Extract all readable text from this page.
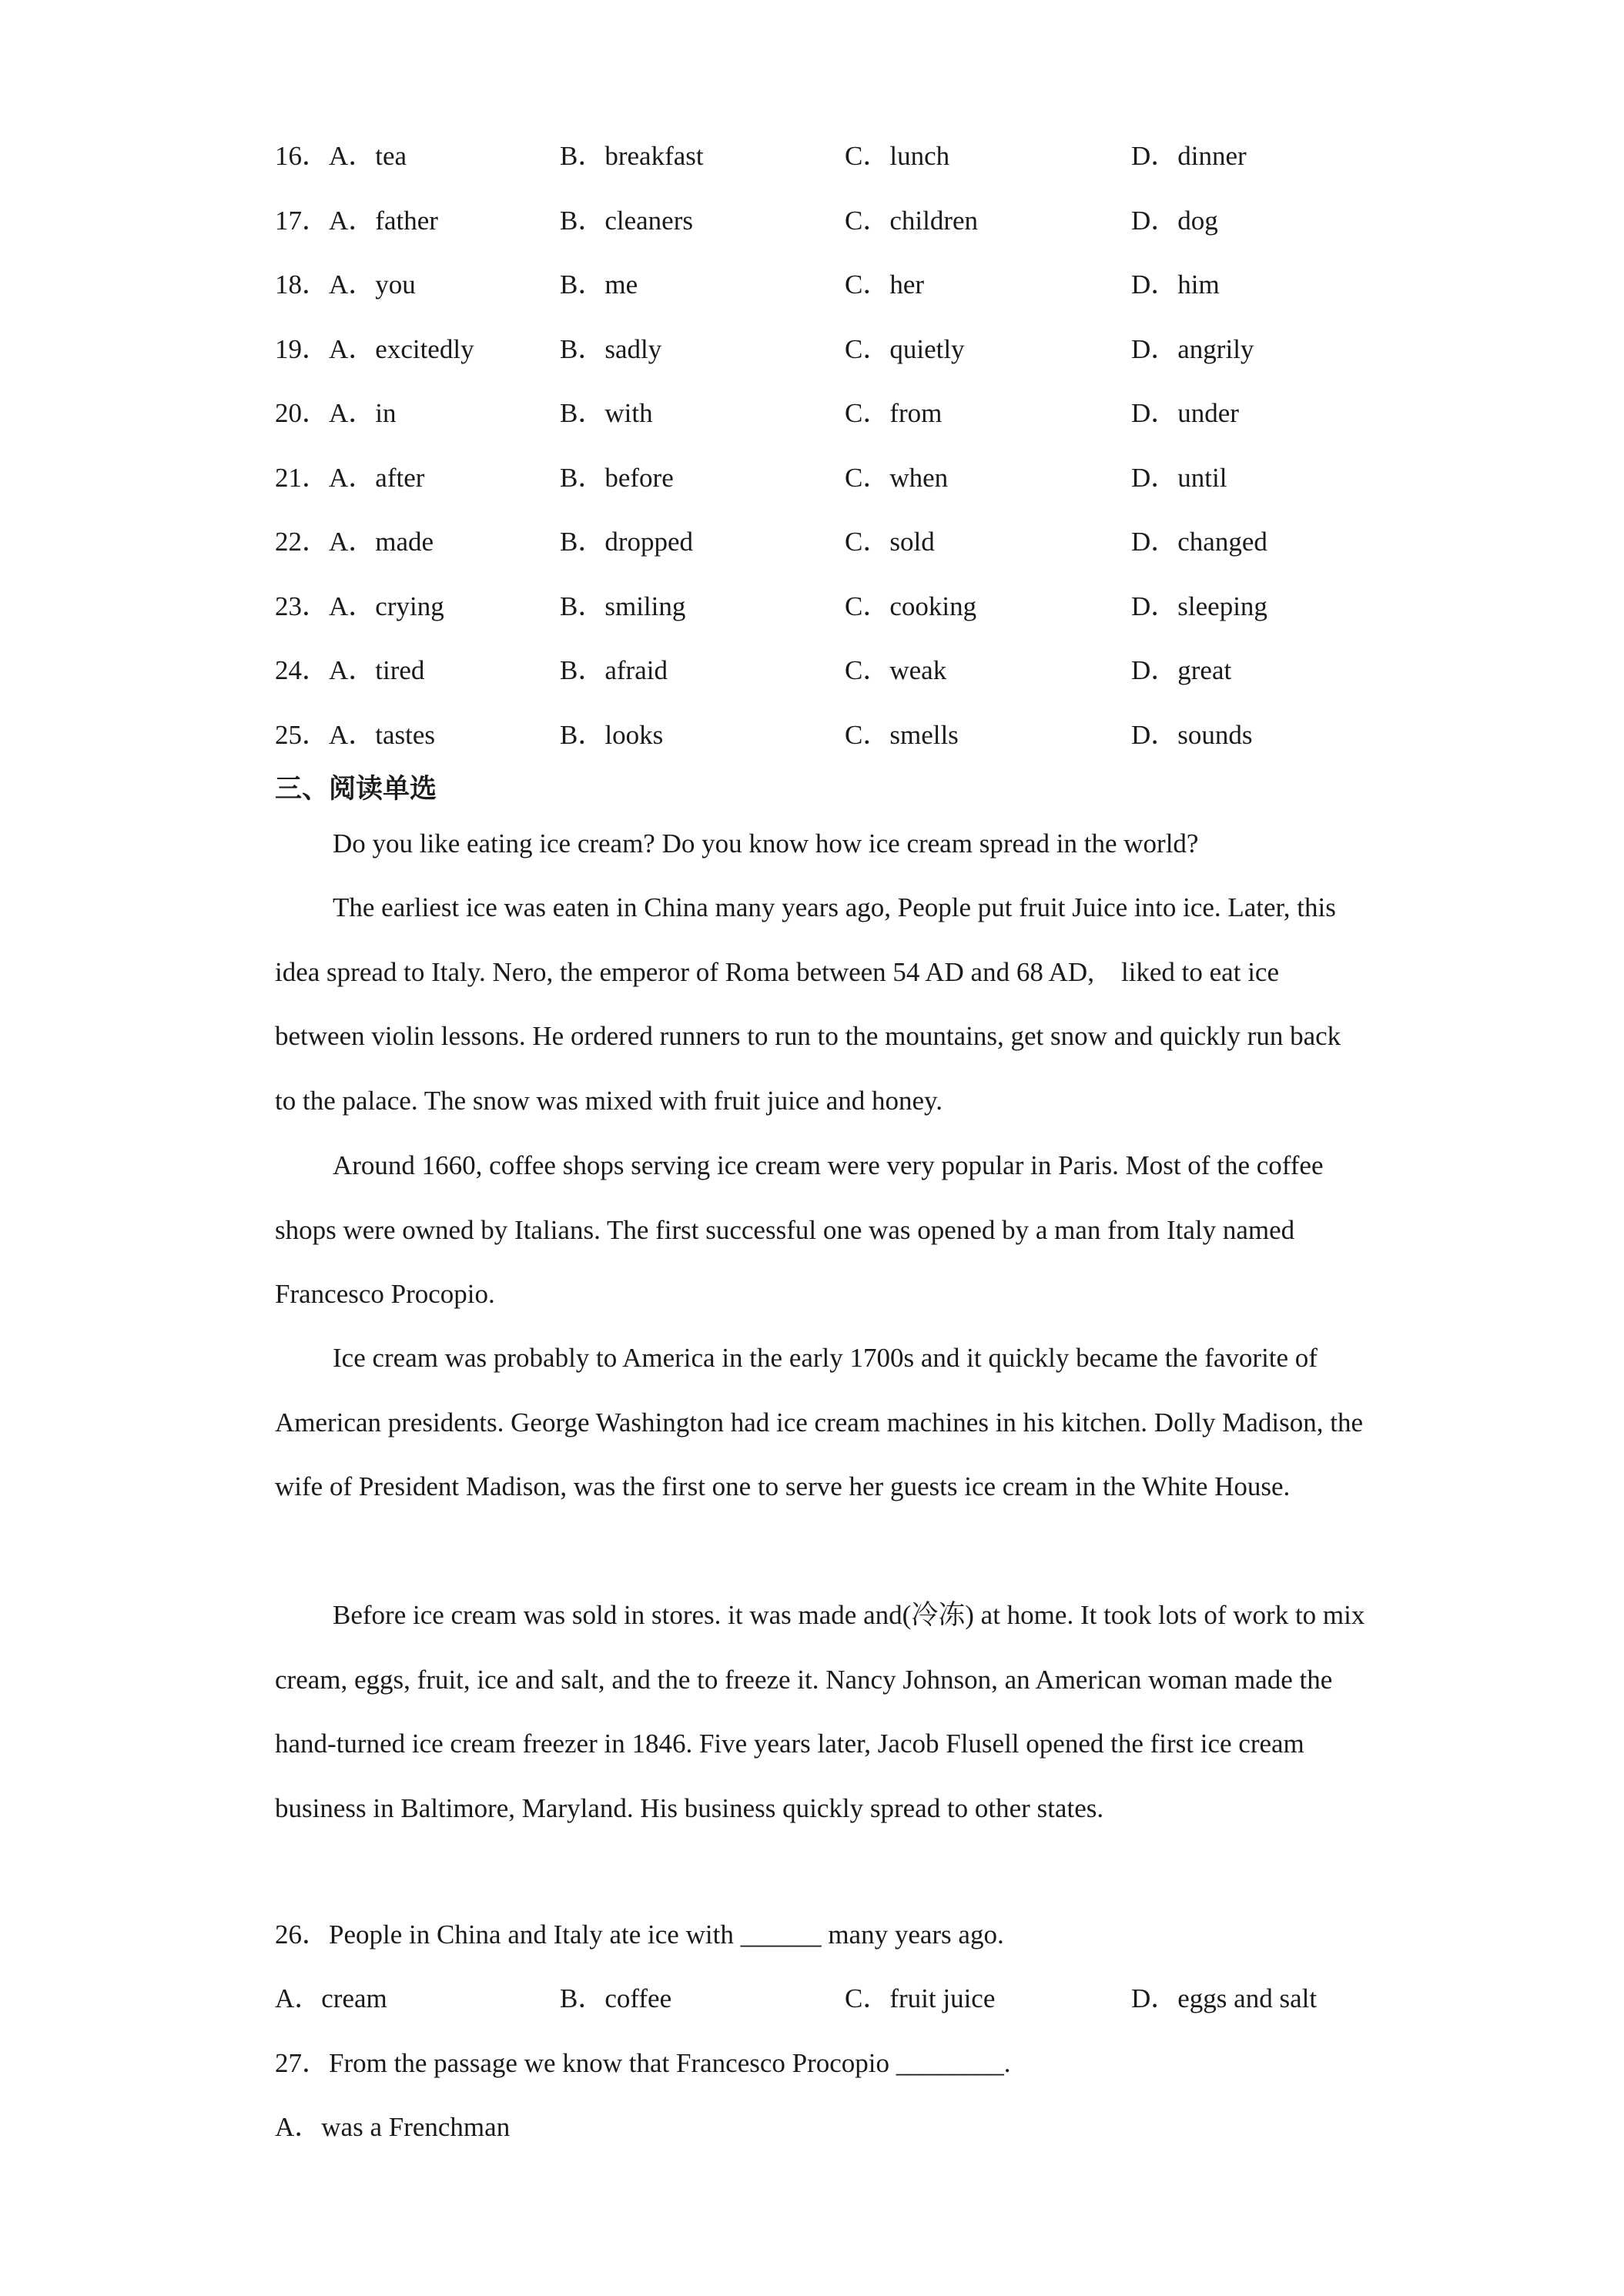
16．A．tea	B．breakfast	C．lunch	D．dinner
17．A．father	B．cleaners	C．children	D．dog
18．A．you	B．me	C．her	D．him
19．A．excitedly	B．sadly	C．quietly	D．angrily
20．A．in	B．with	C．from	D．under
21．A．after	B．before	C．when	D．until
22．A．made	B．dropped	C．sold	D．changed
23．A．crying	B．smiling	C．cooking	D．sleeping
24．A．tired	B．afraid	C．weak	D．great
25．A．tastes	B．looks	C．smells	D．sounds
三、阅读单选
Do you like eating ice cream? Do you know how ice cream spread in the world?
The earliest ice was eaten in China many years ago, People put fruit Juice into ice. Later, this idea spread to Italy. Nero, the emperor of Roma between 54 AD and 68 AD,　liked to eat ice between violin lessons. He ordered runners to run to the mountains, get snow and quickly run back to the palace. The snow was mixed with fruit juice and honey.
Around 1660, coffee shops serving ice cream were very popular in Paris. Most of the coffee shops were owned by Italians. The first successful one was opened by a man from Italy named Francesco Procopio.
Ice cream was probably to America in the early 1700s and it quickly became the favorite of American presidents. George Washington had ice cream machines in his kitchen. Dolly Madison, the wife of President Madison, was the first one to serve her guests ice cream in the White House.
Before ice cream was sold in stores. it was made and(冷冻) at home. It took lots of work to mix cream, eggs, fruit, ice and salt, and the to freeze it. Nancy Johnson, an American woman made the hand-turned ice cream freezer in 1846. Five years later, Jacob Flusell opened the first ice cream business in Baltimore, Maryland. His business quickly spread to other states.
26．People in China and Italy ate ice with ______ many years ago.
A．cream	B．coffee	C．fruit juice	D．eggs and salt
27．From the passage we know that Francesco Procopio ________.
A．was a Frenchman
